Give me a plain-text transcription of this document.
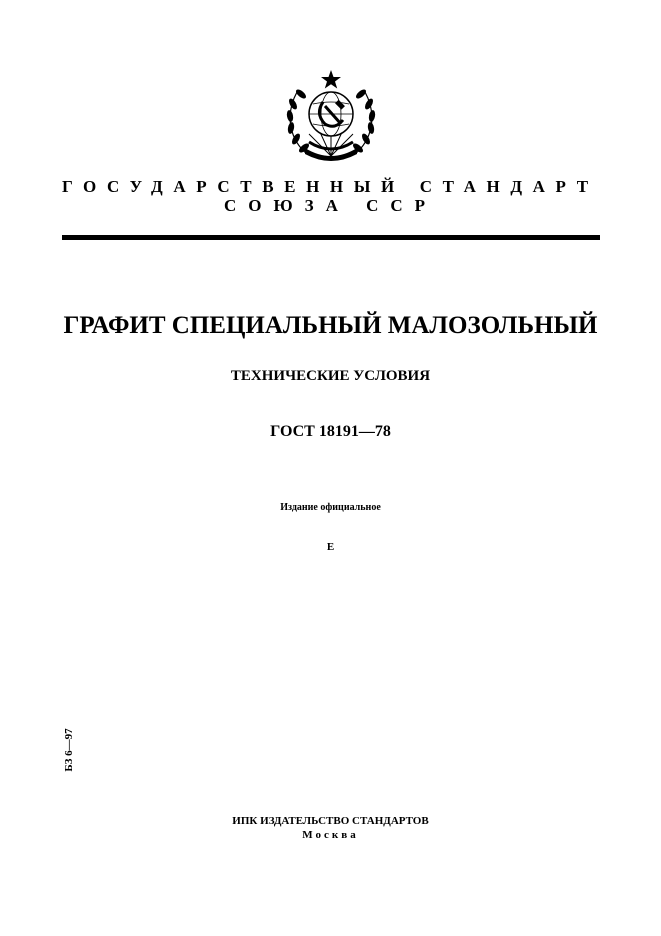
ГОСУДАРСТВЕННЫЙ СТАНДАРТ
СОЮЗА ССР
ГРАФИТ СПЕЦИАЛЬНЫЙ МАЛОЗОЛЬНЫЙ
ТЕХНИЧЕСКИЕ УСЛОВИЯ
ГОСТ 18191—78
Издание официальное
Е
БЗ 6—97
ИПК ИЗДАТЕЛЬСТВО СТАНДАРТОВ
Москва
